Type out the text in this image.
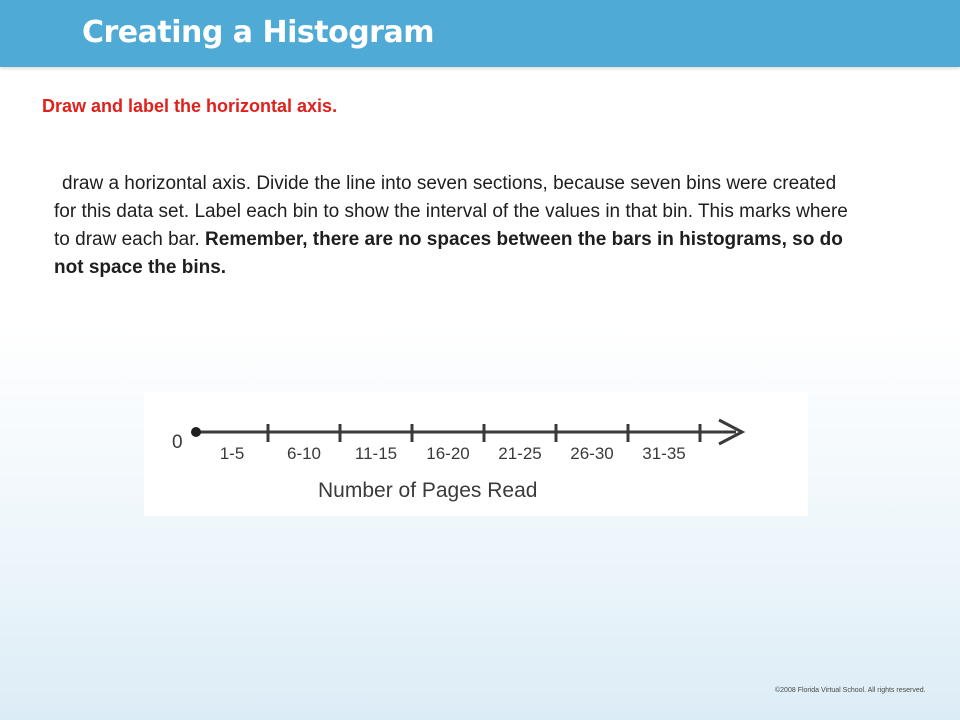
Creating a Histogram
Draw and label the horizontal axis.
draw a horizontal axis. Divide the line into seven sections, because seven bins were created for this data set. Label each bin to show the interval of the values in that bin. This marks where to draw each bar. Remember, there are no spaces between the bars in histograms, so do not space the bins.
0
1-5	6-10 11-15 16-20 21-25 26-30 31-35
Number of Pages Read
©2008 Florida Virtual School. All rights reserved.
